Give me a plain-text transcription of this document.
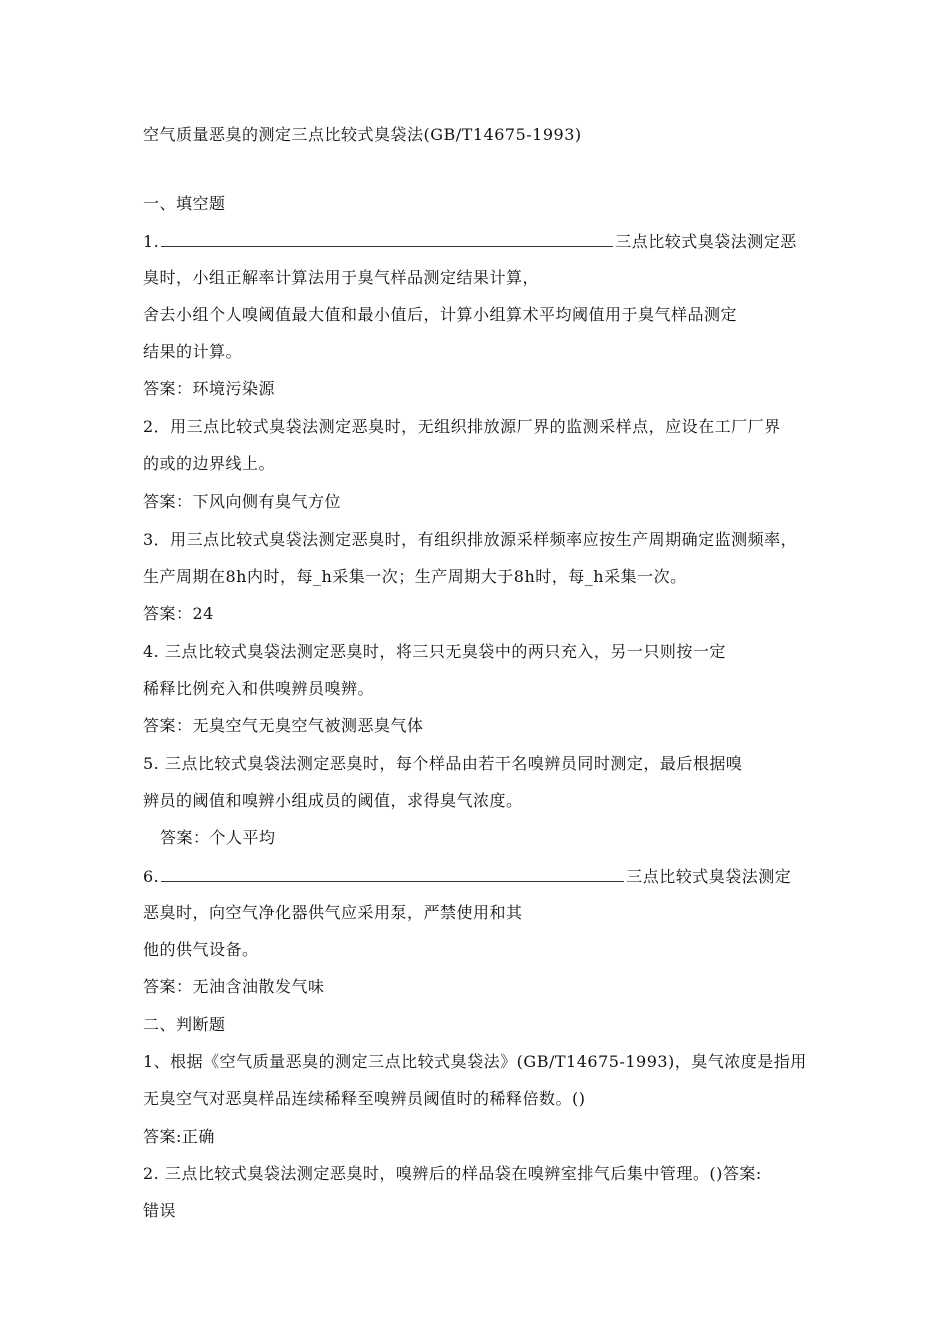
空气质量恶臭的测定三点比较式臭袋法(GB/T14675-1993)
一、填空题
1.	三点比较式臭袋法测定恶
臭时，小组正解率计算法用于臭气样品测定结果计算，
舍去小组个人嗅阈值最大值和最小值后，计算小组算术平均阈值用于臭气样品测定
结果的计算。
答案：环境污染源
2．用三点比较式臭袋法测定恶臭时，无组织排放源厂界的监测采样点，应设在工厂厂界
的或的边界线上。
答案：下风向侧有臭气方位
3．用三点比较式臭袋法测定恶臭时，有组织排放源采样频率应按生产周期确定监测频率，
生产周期在8h内时，每_h采集一次；生产周期大于8h时，每_h采集一次。
答案：24
4. 三点比较式臭袋法测定恶臭时，将三只无臭袋中的两只充入，另一只则按一定
稀释比例充入和供嗅辨员嗅辨。
答案：无臭空气无臭空气被测恶臭气体
5. 三点比较式臭袋法测定恶臭时，每个样品由若干名嗅辨员同时测定，最后根据嗅
辨员的阈值和嗅辨小组成员的阈值，求得臭气浓度。
答案：个人平均
6.	三点比较式臭袋法测定
恶臭时，向空气净化器供气应采用泵，严禁使用和其
他的供气设备。
答案：无油含油散发气味
二、判断题
1、根据《空气质量恶臭的测定三点比较式臭袋法》(GB/T14675-1993)，臭气浓度是指用
无臭空气对恶臭样品连续稀释至嗅辨员阈值时的稀释倍数。()
答案:正确
2. 三点比较式臭袋法测定恶臭时，嗅辨后的样品袋在嗅辨室排气后集中管理。()答案:
错误
